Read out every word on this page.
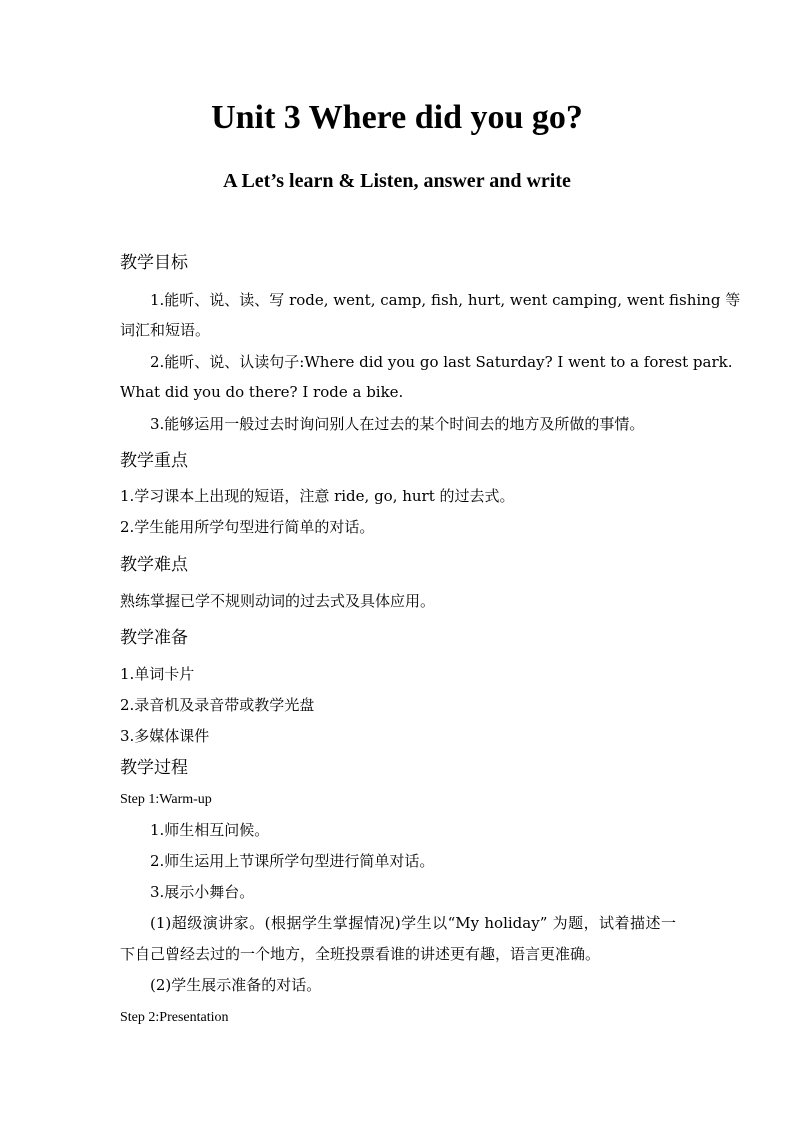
Unit 3 Where did you go?
A Let’s learn & Listen, answer and write
教学目标
1.能听、说、读、写 rode, went, camp, fish, hurt, went camping, went fishing 等
词汇和短语。
2.能听、说、认读句子:Where did you go last Saturday? I went to a forest park.
What did you do there? I rode a bike.
3.能够运用一般过去时询问别人在过去的某个时间去的地方及所做的事情。
教学重点
1.学习课本上出现的短语，注意 ride, go, hurt 的过去式。
2.学生能用所学句型进行简单的对话。
教学难点
熟练掌握已学不规则动词的过去式及具体应用。
教学准备
1.单词卡片
2.录音机及录音带或教学光盘
3.多媒体课件
教学过程
Step 1:Warm-up
1.师生相互问候。
2.师生运用上节课所学句型进行简单对话。
3.展示小舞台。
(1)超级演讲家。(根据学生掌握情况)学生以“My holiday” 为题，试着描述一
下自己曾经去过的一个地方，全班投票看谁的讲述更有趣，语言更准确。
(2)学生展示准备的对话。
Step 2:Presentation
